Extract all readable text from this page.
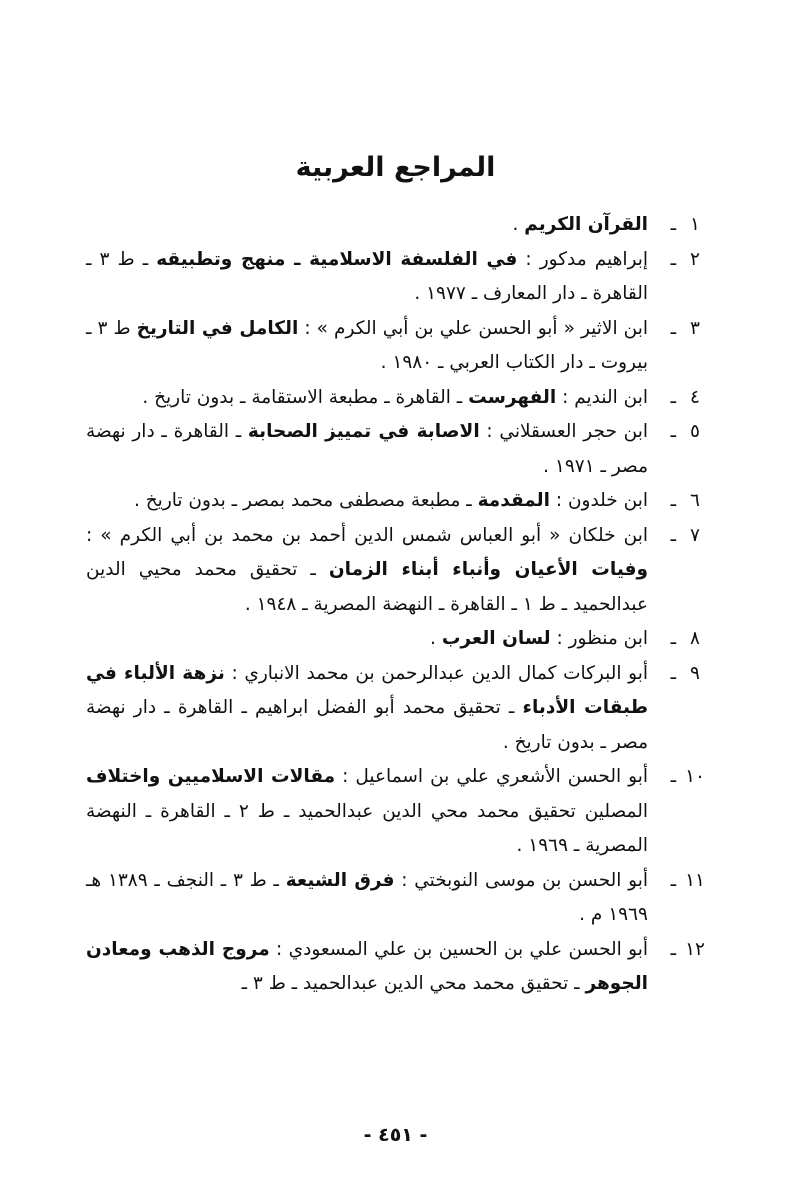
المراجع العربية
١
ـ
القرآن الكريم .
٢
ـ
إبراهيم مدكور : في الفلسفة الاسلامية ـ منهج وتطبيقه ـ ط ٣ ـ القاهرة ـ دار المعارف ـ ١٩٧٧ .
٣
ـ
ابن الاثير « أبو الحسن علي بن أبي الكرم » : الكامل في التاريخ ط ٣ ـ بيروت ـ دار الكتاب العربي ـ ١٩٨٠ .
٤
ـ
ابن النديم : الفهرست ـ القاهرة ـ مطبعة الاستقامة ـ بدون تاريخ .
٥
ـ
ابن حجر العسقلاني : الاصابة في تمييز الصحابة ـ القاهرة ـ دار نهضة مصر ـ ١٩٧١ .
٦
ـ
ابن خلدون : المقدمة ـ مطبعة مصطفى محمد بمصر ـ بدون تاريخ .
٧
ـ
ابن خلكان « أبو العباس شمس الدين أحمد بن محمد بن أبي الكرم » : وفيات الأعيان وأنباء أبناء الزمان ـ تحقيق محمد محيي الدين عبدالحميد ـ ط ١ ـ القاهرة ـ النهضة المصرية ـ ١٩٤٨ .
٨
ـ
ابن منظور : لسان العرب .
٩
ـ
أبو البركات كمال الدين عبدالرحمن بن محمد الانباري : نزهة الألباء في طبقات الأدباء ـ تحقيق محمد أبو الفضل ابراهيم ـ القاهرة ـ دار نهضة مصر ـ بدون تاريخ .
١٠
ـ
أبو الحسن الأشعري علي بن اسماعيل : مقالات الاسلاميين واختلاف المصلين تحقيق محمد محي الدين عبدالحميد ـ ط ٢ ـ القاهرة ـ النهضة المصرية ـ ١٩٦٩ .
١١
ـ
أبو الحسن بن موسى النوبختي : فرق الشيعة ـ ط ٣ ـ النجف ـ ١٣٨٩ هـ ١٩٦٩ م .
١٢
ـ
أبو الحسن علي بن الحسين بن علي المسعودي : مروج الذهب ومعادن الجوهر ـ تحقيق محمد محي الدين عبدالحميد ـ ط ٣ ـ
- ٤٥١ -
